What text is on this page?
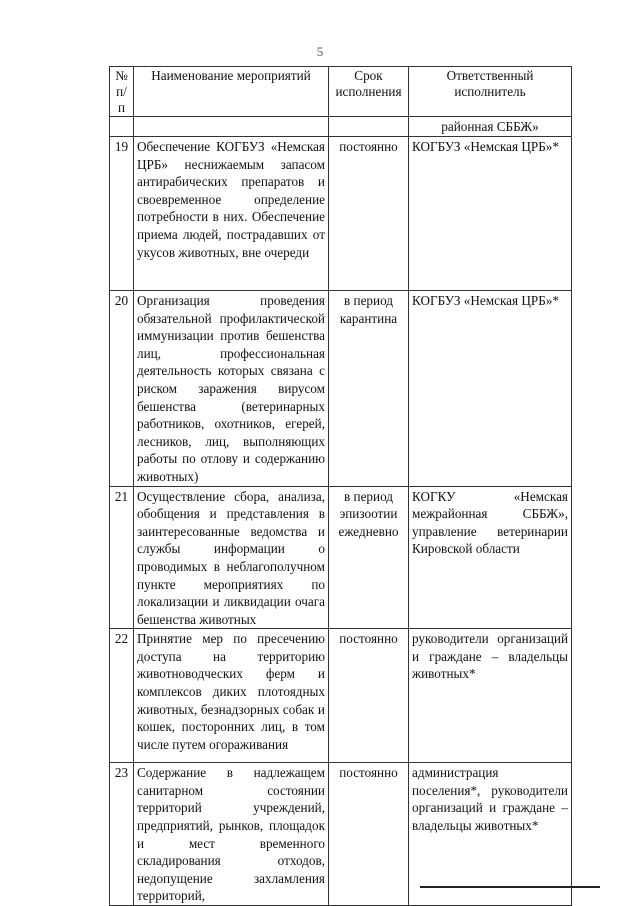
5
№ п/п	Наименование мероприятий	Срок исполнения	Ответственный исполнитель
			районная СББЖ»
19	Обеспечение КОГБУЗ «Немская ЦРБ» неснижаемым запасом антирабических препаратов и своевременное определение потребности в них. Обеспечение приема людей, пострадавших от укусов животных, вне очереди	постоянно	КОГБУЗ «Немская ЦРБ»*
20	Организация проведения обязательной профилактической иммунизации против бешенства лиц, профессиональная деятельность которых связана с риском заражения вирусом бешенства (ветеринарных работников, охотников, егерей, лесников, лиц, выполняющих работы по отлову и содержанию животных)	в период карантина	КОГБУЗ «Немская ЦРБ»*
21	Осуществление сбора, анализа, обобщения и представления в заинтересованные ведомства и службы информации о проводимых в неблагополучном пункте мероприятиях по локализации и ликвидации очага бешенства животных	в период эпизоотии ежедневно	КОГКУ «Немская межрайонная СББЖ», управление ветеринарии Кировской области
22	Принятие мер по пресечению доступа на территорию животноводческих ферм и комплексов диких плотоядных животных, безнадзорных собак и кошек, посторонних лиц, в том числе путем огораживания	постоянно	руководители организаций и граждане – владельцы животных*
23	Содержание в надлежащем санитарном состоянии территорий учреждений, предприятий, рынков, площадок и мест временного складирования отходов, недопущение захламления территорий,	постоянно	администрация поселения*, руководители организаций и граждане – владельцы животных*
